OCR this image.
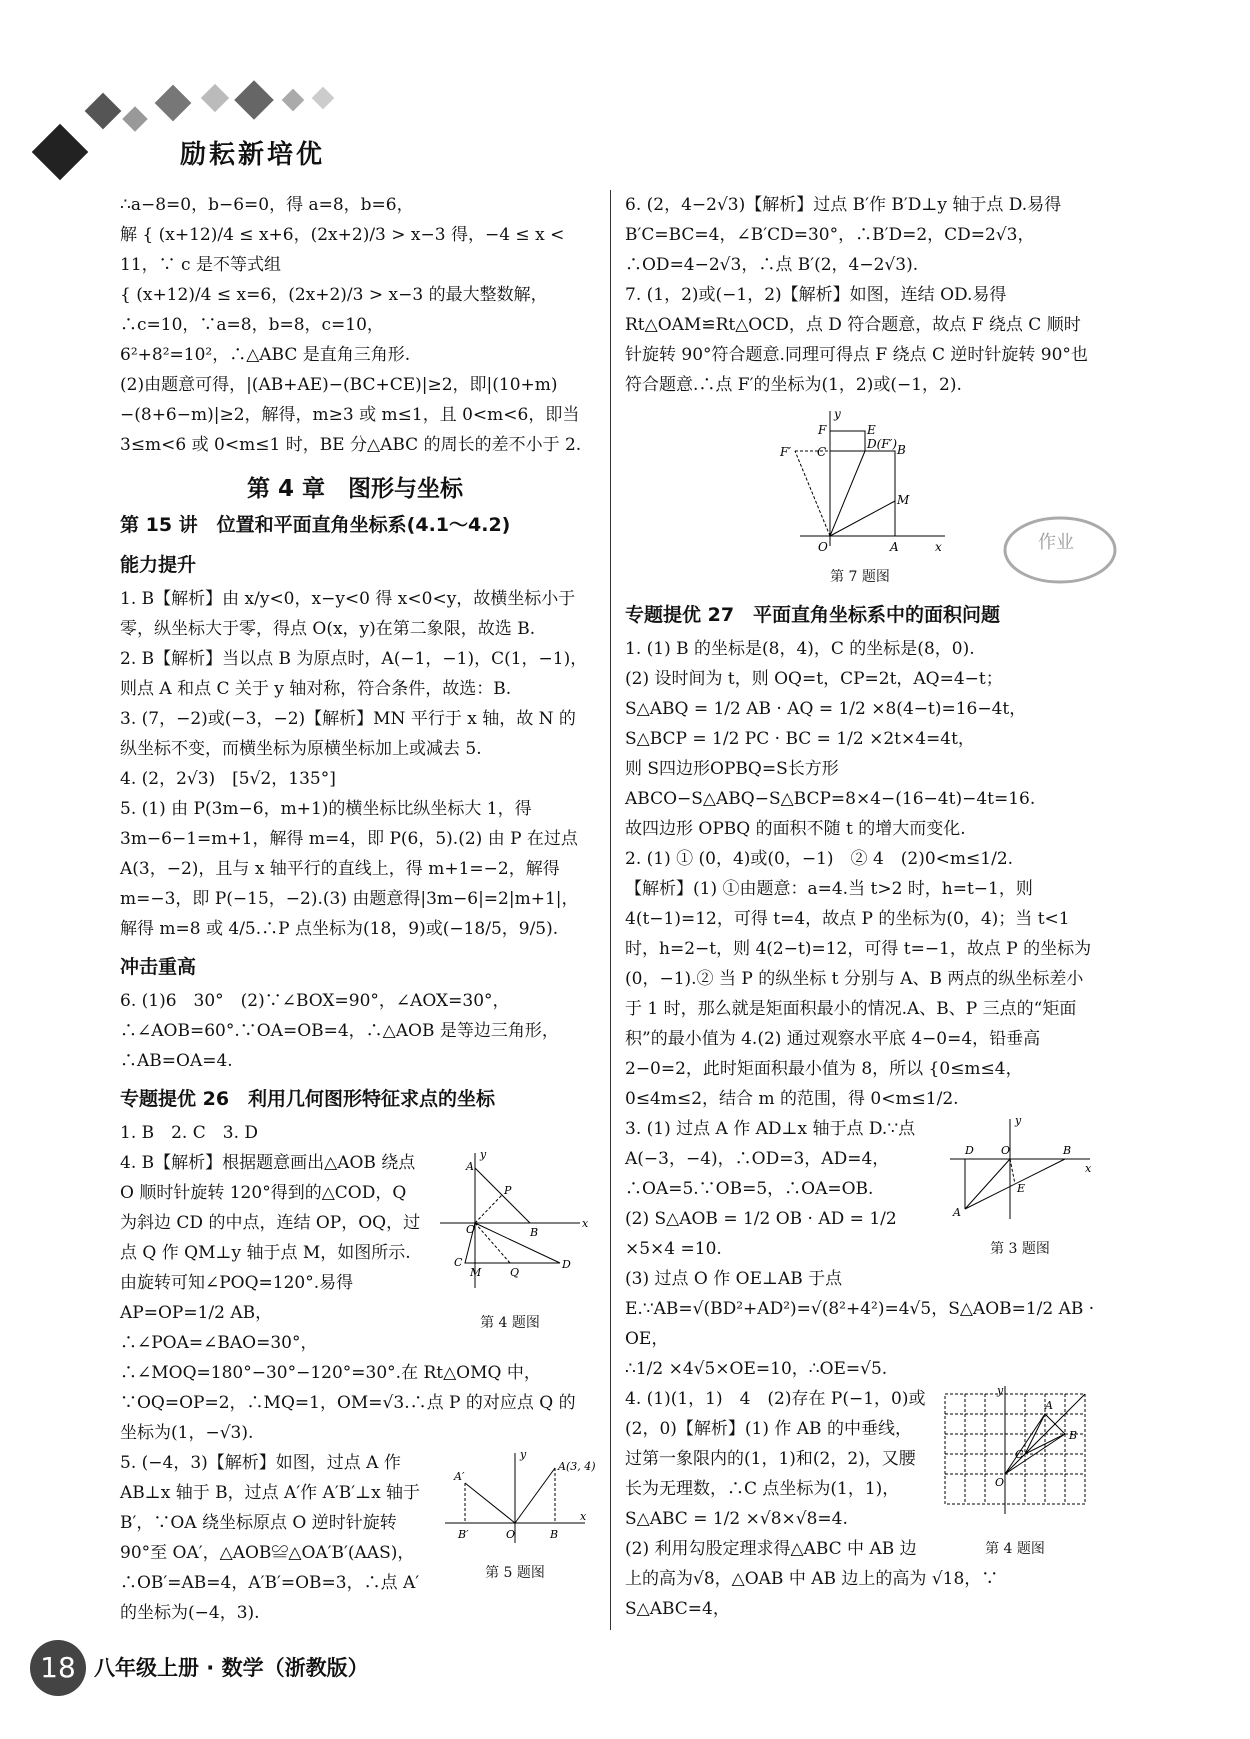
励耘新培优

∴a−8=0，b−6=0，得 a=8，b=6，

解 { (x+12)/4 ≤ x+6，(2x+2)/3 > x−3 得，−4 ≤ x < 11，∵ c 是不等式组

{ (x+12)/4 ≤ x=6，(2x+2)/3 > x−3 的最大整数解，∴c=10，∵a=8，b=8，c=10，

6²+8²=10²，∴△ABC 是直角三角形.

(2)由题意可得，|(AB+AE)−(BC+CE)|≥2，即|(10+m)−(8+6−m)|≥2，解得，m≥3 或 m≤1，且 0<m<6，即当 3≤m<6 或 0<m≤1 时，BE 分△ABC 的周长的差不小于 2.

第 4 章　图形与坐标
第 15 讲　位置和平面直角坐标系(4.1～4.2)
能力提升

1. B【解析】由 x/y<0，x−y<0 得 x<0<y，故横坐标小于零，纵坐标大于零，得点 O(x，y)在第二象限，故选 B.

2. B【解析】当以点 B 为原点时，A(−1，−1)，C(1，−1)，则点 A 和点 C 关于 y 轴对称，符合条件，故选：B.

3. (7，−2)或(−3，−2)【解析】MN 平行于 x 轴，故 N 的纵坐标不变，而横坐标为原横坐标加上或减去 5.

4. (2，2√3)　[5√2，135°]

5. (1) 由 P(3m−6，m+1)的横坐标比纵坐标大 1，得 3m−6−1=m+1，解得 m=4，即 P(6，5).(2) 由 P 在过点 A(3，−2)，且与 x 轴平行的直线上，得 m+1=−2，解得 m=−3，即 P(−15，−2).(3) 由题意得|3m−6|=2|m+1|，解得 m=8 或 4/5.∴P 点坐标为(18，9)或(−18/5，9/5).

冲击重高

6. (1)6　30°　(2)∵∠BOX=90°，∠AOX=30°，∴∠AOB=60°.∵OA=OB=4，∴△AOB 是等边三角形，∴AB=OA=4.

专题提优 26　利用几何图形特征求点的坐标

1. B　2. C　3. D

A
P
O	B
C	D
Q
M
x
y
第 4 题图

4. B【解析】根据题意画出△AOB 绕点 O 顺时针旋转 120°得到的△COD，Q 为斜边 CD 的中点，连结 OP，OQ，过点 Q 作 QM⊥y 轴于点 M，如图所示.由旋转可知∠POQ=120°.易得 AP=OP=1/2 AB，∴∠POA=∠BAO=30°，∴∠MOQ=180°−30°−120°=30°.在 Rt△OMQ 中，∵OQ=OP=2，∴MQ=1，OM=√3.∴点 P 的对应点 Q 的坐标为(1，−√3).

A(3, 4)
A′
B′	B
O
x
y
第 5 题图

5. (−4，3)【解析】如图，过点 A 作 AB⊥x 轴于 B，过点 A′作 A′B′⊥x 轴于 B′，∵OA 绕坐标原点 O 逆时针旋转 90°至 OA′，△AOB≌△OA′B′(AAS)，∴OB′=AB=4，A′B′=OB=3，∴点 A′的坐标为(−4，3).

6. (2，4−2√3)【解析】过点 B′作 B′D⊥y 轴于点 D.易得 B′C=BC=4，∠B′CD=30°，∴B′D=2，CD=2√3，∴OD=4−2√3，∴点 B′(2，4−2√3).

7. (1，2)或(−1，2)【解析】如图，连结 OD.易得 Rt△OAM≌Rt△OCD，点 D 符合题意，故点 F 绕点 C 顺时针旋转 90°符合题意.同理可得点 F 绕点 C 逆时针旋转 90°也符合题意.∴点 F′的坐标为(1，2)或(−1，2).

F	E
C
D(F′) B
M
A
O
F′
x
y
第 7 题图
专题提优 27　平面直角坐标系中的面积问题

1. (1) B 的坐标是(8，4)，C 的坐标是(8，0).

(2) 设时间为 t，则 OQ=t，CP=2t，AQ=4−t；

S△ABQ = 1/2 AB · AQ = 1/2 ×8(4−t)=16−4t，

S△BCP = 1/2 PC · BC = 1/2 ×2t×4=4t，

则 S四边形OPBQ=S长方形ABCO−S△ABQ−S△BCP=8×4−(16−4t)−4t=16.

故四边形 OPBQ 的面积不随 t 的增大而变化.

2. (1) ① (0，4)或(0，−1)　② 4　(2)0<m≤1/2.

【解析】(1) ①由题意：a=4.当 t>2 时，h=t−1，则 4(t−1)=12，可得 t=4，故点 P 的坐标为(0，4)；当 t<1 时，h=2−t，则 4(2−t)=12，可得 t=−1，故点 P 的坐标为(0，−1).② 当 P 的纵坐标 t 分别与 A、B 两点的纵坐标差小于 1 时，那么就是矩面积最小的情况.A、B、P 三点的“矩面积”的最小值为 4.(2) 通过观察水平底 4−0=4，铅垂高 2−0=2，此时矩面积最小值为 8，所以 {0≤m≤4，0≤4m≤2，结合 m 的范围，得 0<m≤1/2.

D O	B
E
A
x
y
第 3 题图

3. (1) 过点 A 作 AD⊥x 轴于点 D.∵点 A(−3，−4)，∴OD=3，AD=4，∴OA=5.∵OB=5，∴OA=OB.

(2) S△AOB = 1/2 OB · AD = 1/2 ×5×4 =10.

(3) 过点 O 作 OE⊥AB 于点 E.∵AB=√(BD²+AD²)=√(8²+4²)=4√5，S△AOB=1/2 AB · OE，

∴1/2 ×4√5×OE=10，∴OE=√5.

A
B
C
O
y
第 4 题图

4. (1)(1，1)　4　(2)存在 P(−1，0)或(2，0)【解析】(1) 作 AB 的中垂线，过第一象限内的(1，1)和(2，2)，又腰长为无理数，∴C 点坐标为(1，1)，S△ABC = 1/2 ×√8×√8=4.

(2) 利用勾股定理求得△ABC 中 AB 边上的高为√8，△OAB 中 AB 边上的高为 √18，∵ S△ABC=4，

作业
18 八年级上册 · 数学（浙教版）
